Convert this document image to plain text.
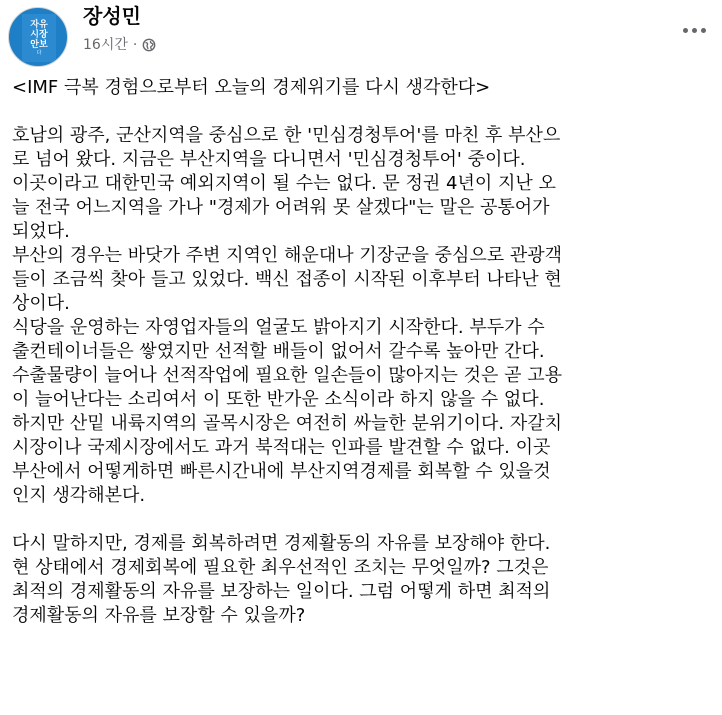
자유
시장
안보
다
장성민
16시간 ·

<IMF 극복 경험으로부터 오늘의 경제위기를 다시 생각한다>

호남의 광주, 군산지역을 중심으로 한 '민심경청투어'를 마친 후 부산으
로 넘어 왔다. 지금은 부산지역을 다니면서 '민심경청투어' 중이다.
이곳이라고 대한민국 예외지역이 될 수는 없다. 문 정권 4년이 지난 오
늘 전국 어느지역을 가나 "경제가 어려워 못 살겠다"는 말은 공통어가
되었다.
부산의 경우는 바닷가 주변 지역인 해운대나 기장군을 중심으로 관광객
들이 조금씩 찾아 들고 있었다. 백신 접종이 시작된 이후부터 나타난 현
상이다.
식당을 운영하는 자영업자들의 얼굴도 밝아지기 시작한다. 부두가 수
출컨테이너들은 쌓였지만 선적할 배들이 없어서 갈수록 높아만 간다.
수출물량이 늘어나 선적작업에 필요한 일손들이 많아지는 것은 곧 고용
이 늘어난다는 소리여서 이 또한 반가운 소식이라 하지 않을 수 없다.
하지만 산밑 내륙지역의 골목시장은 여전히 싸늘한 분위기이다. 자갈치
시장이나 국제시장에서도 과거 북적대는 인파를 발견할 수 없다. 이곳
부산에서 어떻게하면 빠른시간내에 부산지역경제를 회복할 수 있을것
인지 생각해본다.

다시 말하지만, 경제를 회복하려면 경제활동의 자유를 보장해야 한다.
현 상태에서 경제회복에 필요한 최우선적인 조치는 무엇일까? 그것은
최적의 경제활동의 자유를 보장하는 일이다. 그럼 어떻게 하면 최적의
경제활동의 자유를 보장할 수 있을까?
